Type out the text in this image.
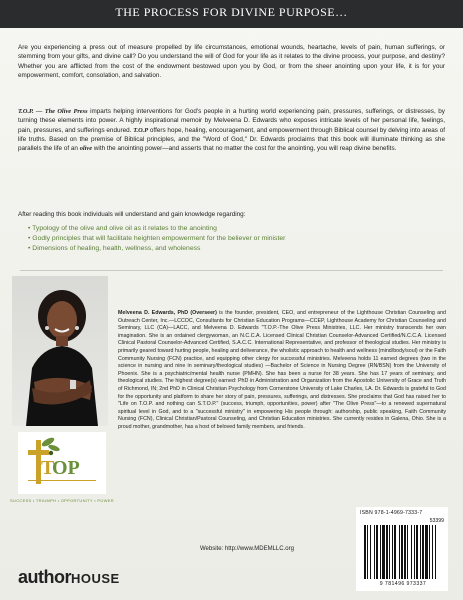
THE PROCESS FOR DIVINE PURPOSE…

Are you experiencing a press out of measure propelled by life circumstances, emotional wounds, heartache, levels of pain, human sufferings, or stemming from your gifts, and divine call? Do you understand the will of God for your life as it relates to the divine process, your purpose, and destiny? Whether you are afflicted from the cost of the endowment bestowed upon you by God, or from the sheer anointing upon your life, it is for your empowerment, comfort, consolation, and salvation.

T.O.P. — The Olive Press imparts helping interventions for God's people in a hurting world experiencing pain, pressures, sufferings, or distresses, by turning these elements into power. A highly inspirational memoir by Melveena D. Edwards who exposes intricate levels of her personal life, feelings, pain, pressures, and sufferings endured. T.O.P offers hope, healing, encouragement, and empowerment through Biblical counsel by delving into areas of life truths. Based on the premise of Biblical principles, and the "Word of God," Dr. Edwards proclaims that this book will illuminate thinking as she parallels the life of an olive with the anointing power—and asserts that no matter the cost for the anointing, you will reap divine benefits.

After reading this book individuals will understand and gain knowledge regarding:

• Typology of the olive and olive oil as it relates to the anointing
• Godly principles that will facilitate heighten empowerment for the believer or minister
• Dimensions of healing, health, wellness, and wholeness
OP
T
SUCCESS • TRIUMPH • OPPORTUNITY • POWER

Melveena D. Edwards, PhD (Overseer) is the founder, president, CEO, and entrepreneur of the Lighthouse Christian Counseling and Outreach Center, Inc.—LCCOC, Consultants for Christian Education Programs—CCEP, Lighthouse Academy for Christian Counseling and Seminary, LLC (CA)—LACC, and Melveena D. Edwards "T.O.P.-The Olive Press Ministries, LLC. Her ministry transcends her own imagination. She is an ordained clergywoman, an N.C.C.A. Licensed Clinical Christian Counselor-Advanced Certified/N.C.C.A. Licensed Clinical Pastoral Counselor-Advanced Certified, S.A.C.C. International Representative, and professor of theological studies. Her ministry is primarily geared toward hurting people, healing and deliverance, the wholistic approach to health and wellness (mind/body/soul) or the Faith Community Nursing (FCN) practice, and equipping other clergy for successful ministries. Melveena holds 11 earned degrees (two in the science in nursing and nine in seminary/theological studies) —Bachelor of Science in Nursing Degree (RN/BSN) from the University of Phoenix. She is a psychiatric/mental health nurse (PMHN). She has been a nurse for 38 years. She has 17 years of seminary, and theological studies. The highest degree(s) earned: PhD in Administration and Organization from the Apostolic University of Grace and Truth of Richmond, IN; 2nd PhD in Clinical Christian Psychology from Cornerstone University of Lake Charles, LA. Dr. Edwards is grateful to God for the opportunity and platform to share her story of pain, pressures, sufferings, and distresses. She proclaims that God has raised her to "Life on T.O.P. and nothing can S.T.O.P." (success, triumph, opportunities, power) after "The Olive Press"—to a renewed supernatural spiritual level in God, and to a "successful ministry" in empowering His people through: authorship, public speaking, Faith Community Nursing (FCN), Clinical Christian/Pastoral Counseling, and Christian Education ministries. She currently resides in Galena, Ohio. She is a proud mother, grandmother, has a host of beloved family members, and friends.

Website: http://www.MDEMLLC.org
authorHOUSE
ISBN 978-1-4969-7333-7
53399
9 781496 973337
